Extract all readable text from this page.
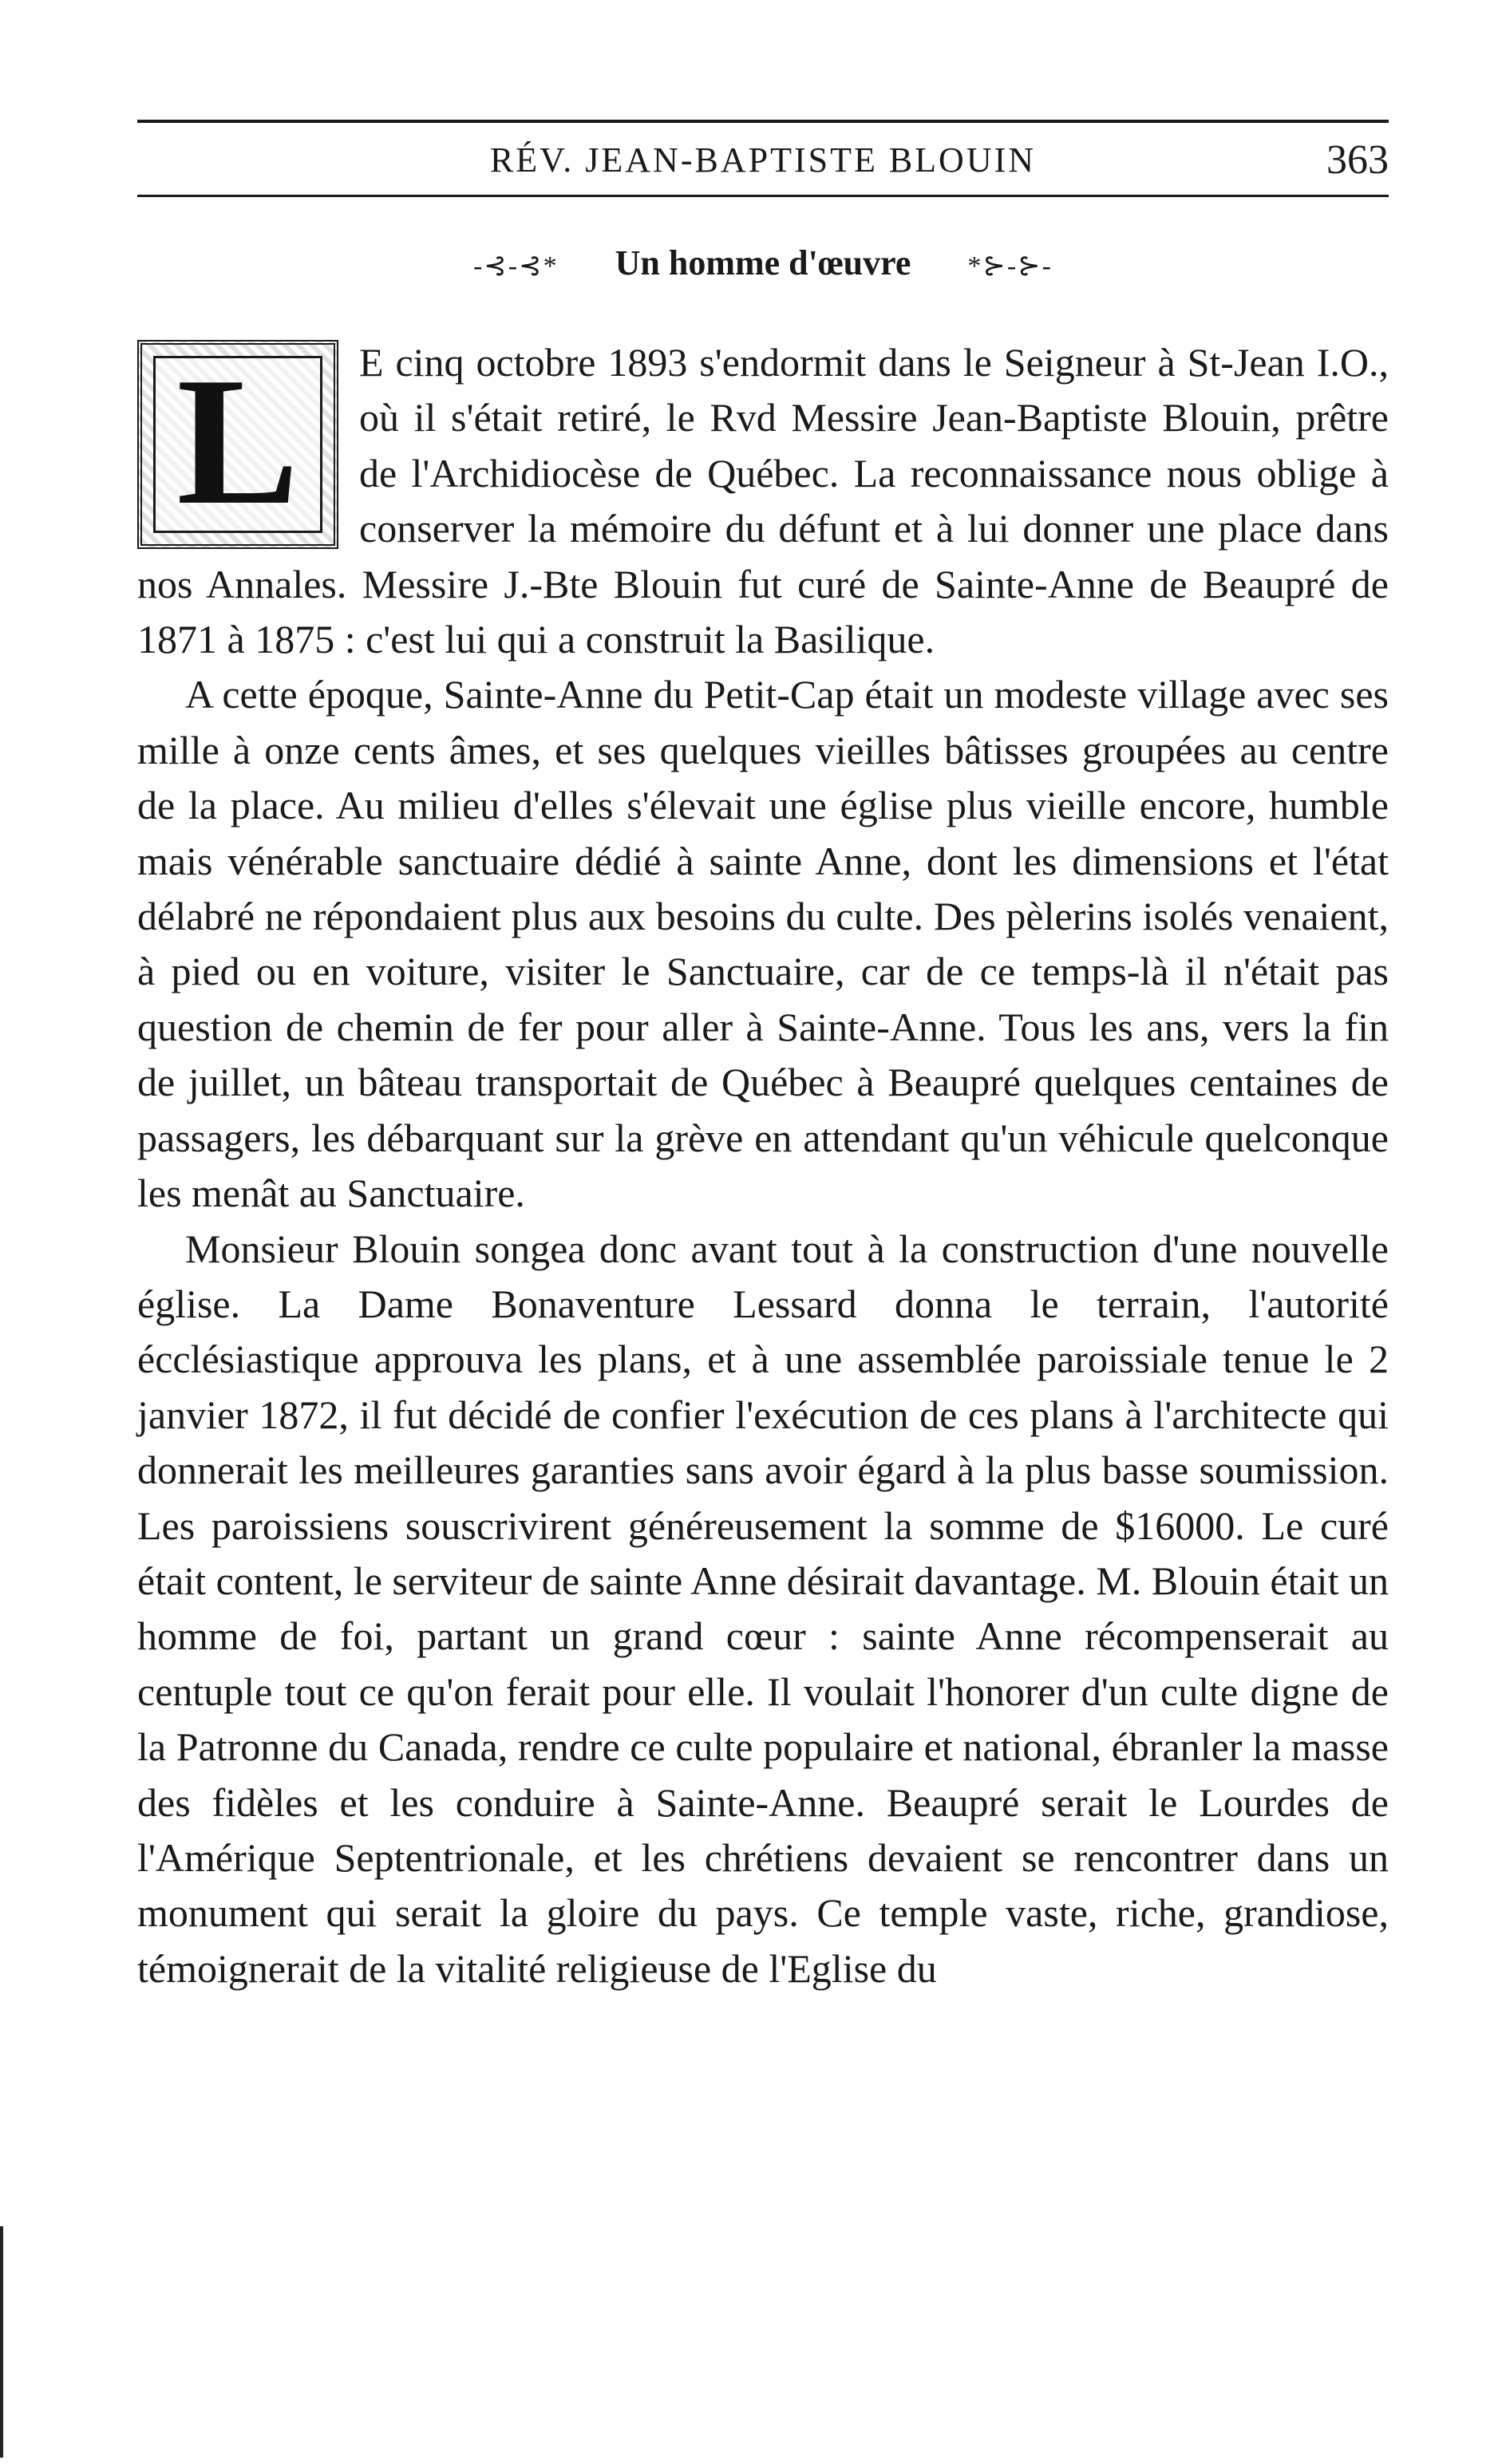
RÉV. JEAN-BAPTISTE BLOUIN	363
-⊰-⊰* Un homme d'œuvre *⊱-⊱-
L	E cinq octobre 1893 s'endormit dans le Seigneur à St-Jean I.O., où il s'était retiré, le Rvd Messire Jean-Baptiste Blouin, prêtre de l'Archidiocèse de Québec. La reconnaissance nous oblige à conserver la mémoire du défunt et à lui donner une place dans nos Annales. Messire J.-Bte Blouin fut curé de Sainte-Anne de Beaupré de 1871 à 1875 : c'est lui qui a construit la Basilique.

A cette époque, Sainte-Anne du Petit-Cap était un modeste village avec ses mille à onze cents âmes, et ses quelques vieilles bâtisses groupées au centre de la place. Au milieu d'elles s'élevait une église plus vieille encore, humble mais vénérable sanctuaire dédié à sainte Anne, dont les dimensions et l'état délabré ne répondaient plus aux besoins du culte. Des pèlerins isolés venaient, à pied ou en voiture, visiter le Sanctuaire, car de ce temps-là il n'était pas question de chemin de fer pour aller à Sainte-Anne. Tous les ans, vers la fin de juillet, un bâteau transportait de Québec à Beaupré quelques centaines de passagers, les débarquant sur la grève en attendant qu'un véhicule quelconque les menât au Sanctuaire.

Monsieur Blouin songea donc avant tout à la construction d'une nouvelle église. La Dame Bonaventure Lessard donna le terrain, l'autorité écclésiastique approuva les plans, et à une assemblée paroissiale tenue le 2 janvier 1872, il fut décidé de confier l'exécution de ces plans à l'architecte qui donnerait les meilleures garanties sans avoir égard à la plus basse soumission. Les paroissiens souscrivirent généreusement la somme de $16000. Le curé était content, le serviteur de sainte Anne désirait davantage. M. Blouin était un homme de foi, partant un grand cœur : sainte Anne récompenserait au centuple tout ce qu'on ferait pour elle. Il voulait l'honorer d'un culte digne de la Patronne du Canada, rendre ce culte populaire et national, ébranler la masse des fidèles et les conduire à Sainte-Anne. Beaupré serait le Lourdes de l'Amérique Septentrionale, et les chrétiens devaient se rencontrer dans un monument qui serait la gloire du pays. Ce temple vaste, riche, grandiose, témoignerait de la vitalité religieuse de l'Eglise du
